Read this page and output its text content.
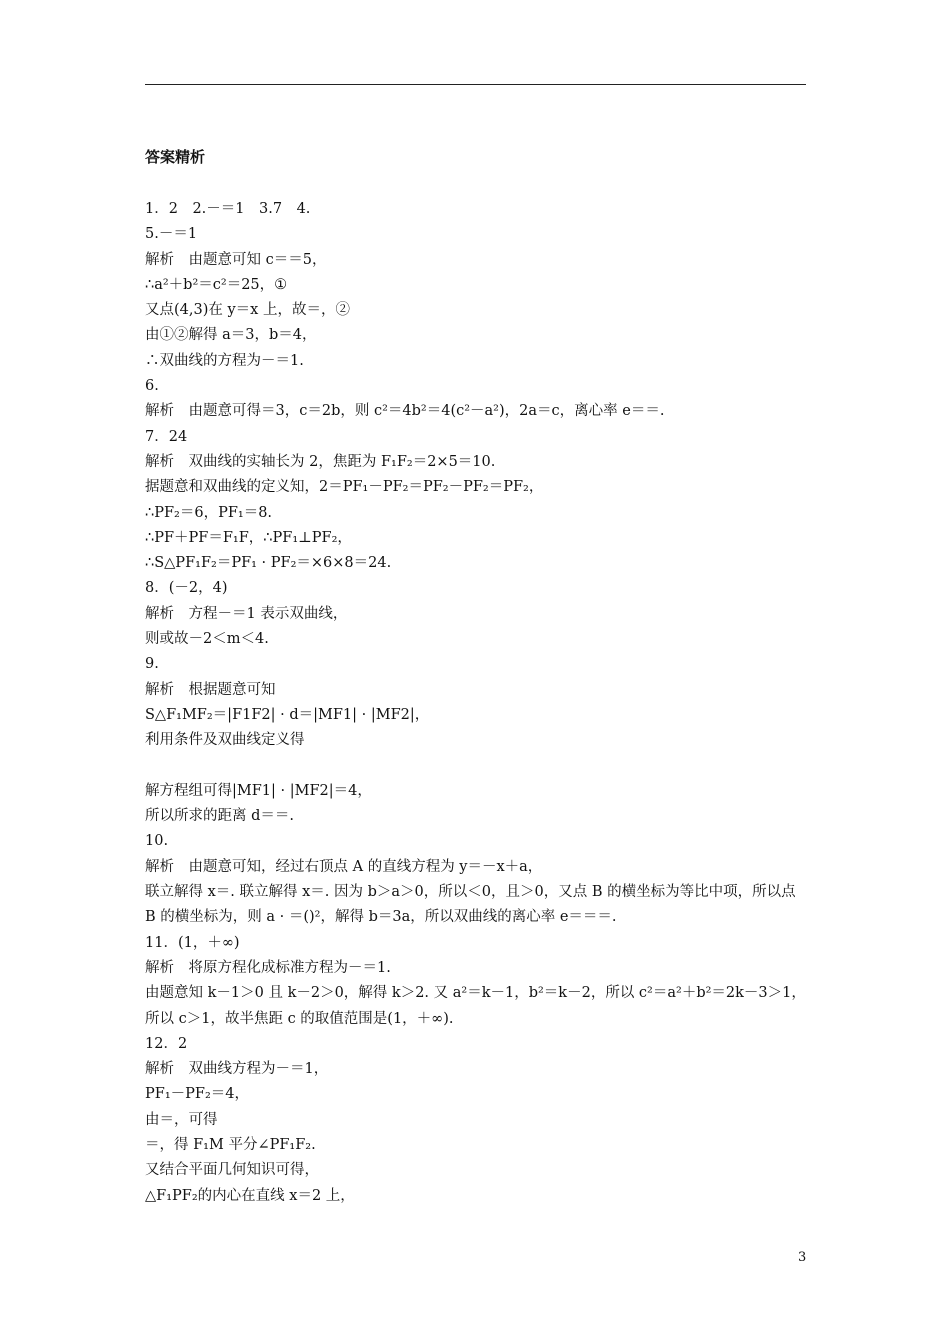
答案精析
1．2　2.－＝1　3.7　4.
5.－＝1
解析　由题意可知 c＝＝5，
∴a²＋b²＝c²＝25，①
又点(4,3)在 y＝x 上，故＝，②
由①②解得 a＝3，b＝4，
∴双曲线的方程为－＝1.
6.
解析　由题意可得＝3，c＝2b，则 c²＝4b²＝4(c²－a²)，2a＝c，离心率 e＝＝.
7．24
解析　双曲线的实轴长为 2，焦距为 F₁F₂＝2×5＝10.
据题意和双曲线的定义知，2＝PF₁－PF₂＝PF₂－PF₂＝PF₂，
∴PF₂＝6，PF₁＝8.
∴PF＋PF＝F₁F，∴PF₁⊥PF₂，
∴S△PF₁F₂＝PF₁ · PF₂＝×6×8＝24.
8．(－2，4)
解析　方程－＝1 表示双曲线，
则或故－2＜m＜4.
9.
解析　根据题意可知
S△F₁MF₂＝|F1F2| · d＝|MF1| · |MF2|，
利用条件及双曲线定义得
解方程组可得|MF1| · |MF2|＝4，
所以所求的距离 d＝＝.
10.
解析　由题意可知，经过右顶点 A 的直线方程为 y＝－x＋a，
联立解得 x＝. 联立解得 x＝. 因为 b＞a＞0，所以＜0，且＞0，又点 B 的横坐标为等比中项，所以点 B 的横坐标为，则 a · ＝()²，解得 b＝3a，所以双曲线的离心率 e＝＝＝.
11．(1，＋∞)
解析　将原方程化成标准方程为－＝1.
由题意知 k－1＞0 且 k－2＞0，解得 k＞2. 又 a²＝k－1，b²＝k－2，所以 c²＝a²＋b²＝2k－3＞1，所以 c＞1，故半焦距 c 的取值范围是(1，＋∞).
12．2
解析　双曲线方程为－＝1，
PF₁－PF₂＝4，
由＝，可得
＝，得 F₁M 平分∠PF₁F₂.
又结合平面几何知识可得，
△F₁PF₂的内心在直线 x＝2 上，
3
